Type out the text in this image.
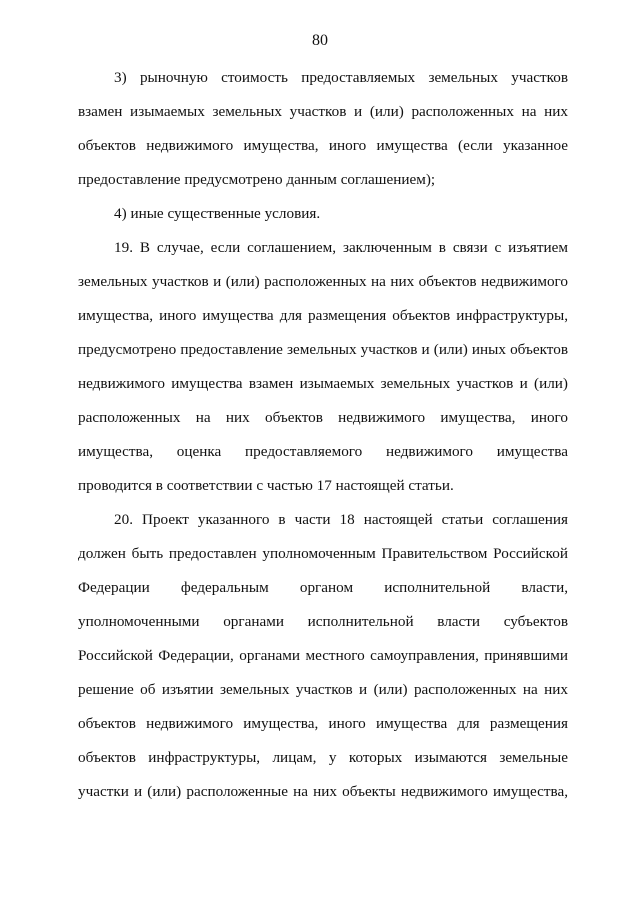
80
3) рыночную стоимость предоставляемых земельных участков
взамен изымаемых земельных участков и (или) расположенных на них
объектов недвижимого имущества, иного имущества (если указанное
предоставление предусмотрено данным соглашением);
4) иные существенные условия.
19. В случае, если соглашением, заключенным в связи с изъятием
земельных участков и (или) расположенных на них объектов недвижимого
имущества, иного имущества для размещения объектов инфраструктуры,
предусмотрено предоставление земельных участков и (или) иных объектов
недвижимого имущества взамен изымаемых земельных участков и (или)
расположенных на них объектов недвижимого имущества, иного
имущества, оценка предоставляемого недвижимого имущества
проводится в соответствии с частью 17 настоящей статьи.
20. Проект указанного в части 18 настоящей статьи соглашения
должен быть предоставлен уполномоченным Правительством Российской
Федерации федеральным органом исполнительной власти,
уполномоченными органами исполнительной власти субъектов
Российской Федерации, органами местного самоуправления, принявшими
решение об изъятии земельных участков и (или) расположенных на них
объектов недвижимого имущества, иного имущества для размещения
объектов инфраструктуры, лицам, у которых изымаются земельные
участки и (или) расположенные на них объекты недвижимого имущества,
